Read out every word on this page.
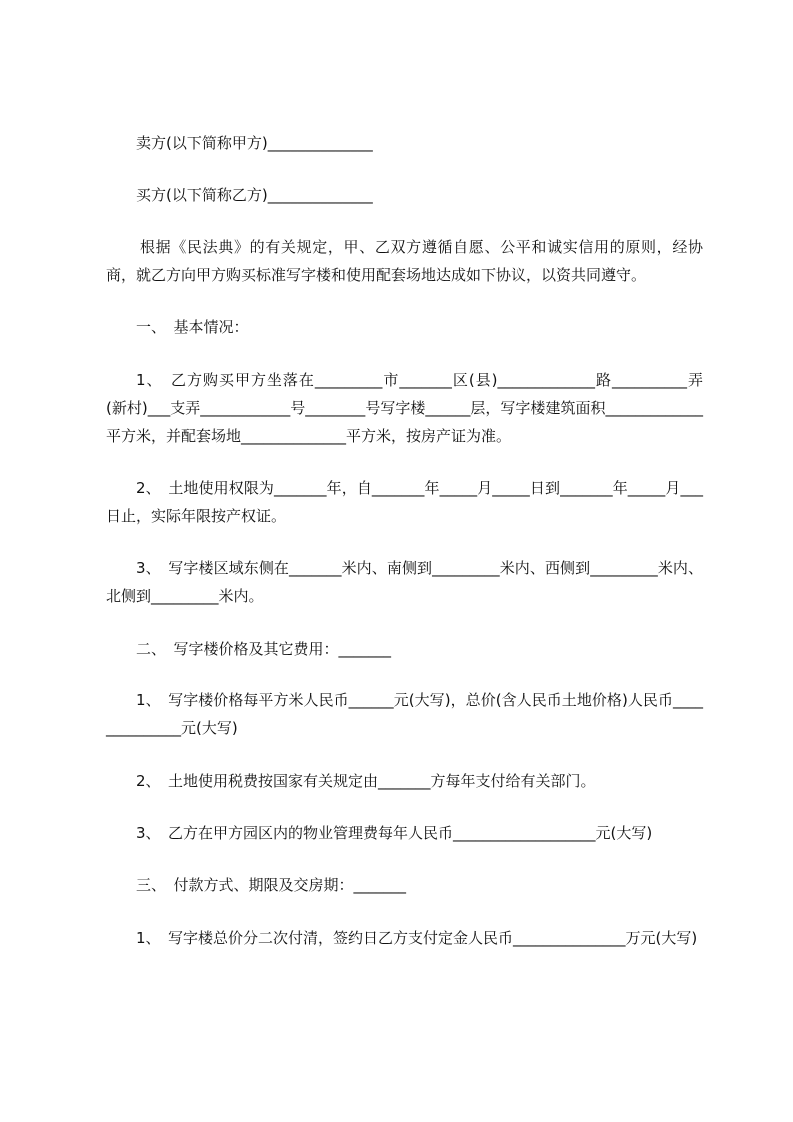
卖方(以下简称甲方)______________
买方(以下简称乙方)______________
根据《民法典》的有关规定，甲、乙双方遵循自愿、公平和诚实信用的原则，经协商，就乙方向甲方购买标准写字楼和使用配套场地达成如下协议，以资共同遵守。
一、　基本情况：
1、　乙方购买甲方坐落在_________市_______区(县)_____________路__________弄(新村)___支弄____________号________号写字楼______层，写字楼建筑面积_____________平方米，并配套场地______________平方米，按房产证为准。
2、　土地使用权限为_______年，自_______年_____月_____日到_______年_____月___日止，实际年限按产权证。
3、　写字楼区域东侧在_______米内、南侧到_________米内、西侧到_________米内、北侧到_________米内。
二、　写字楼价格及其它费用：_______
1、　写字楼价格每平方米人民币______元(大写)，总价(含人民币土地价格)人民币______________元(大写)
2、　土地使用税费按国家有关规定由_______方每年支付给有关部门。
3、　乙方在甲方园区内的物业管理费每年人民币___________________元(大写)
三、　付款方式、期限及交房期：_______
1、　写字楼总价分二次付清，签约日乙方支付定金人民币_______________万元(大写)
